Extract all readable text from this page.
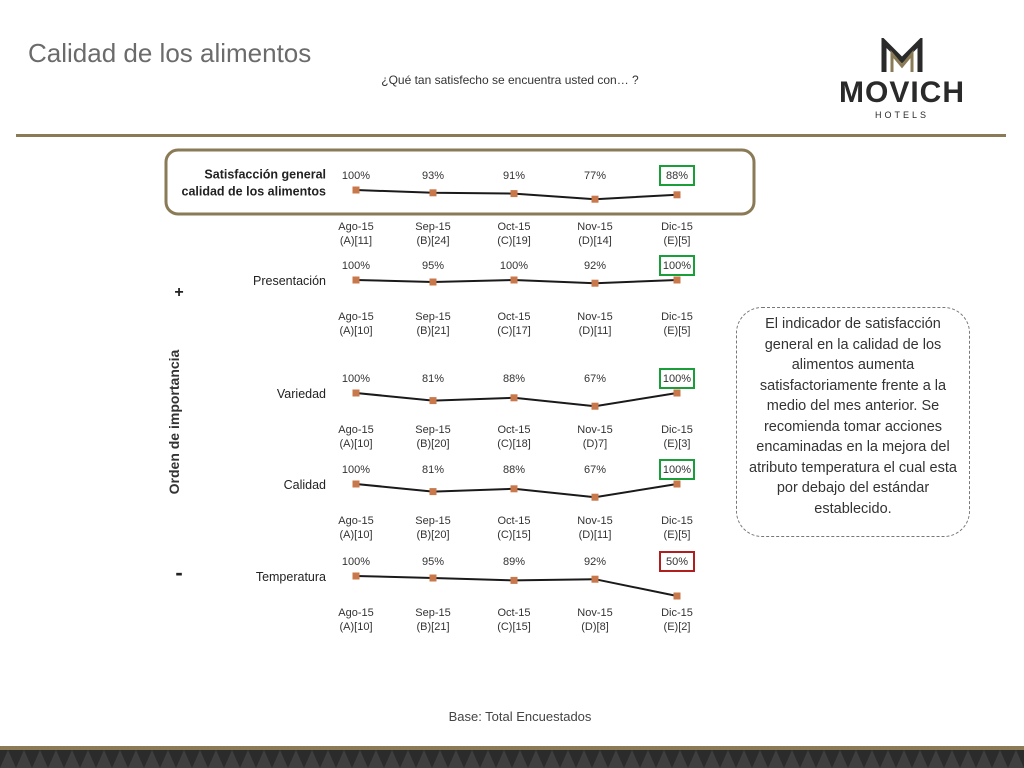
Calidad de los alimentos
¿Qué tan satisfecho se encuentra usted con… ?	MOVICH
HOTELS
Orden de importancia
+
-
Satisfacción general
calidad de los alimentos
100%
Ago-15
(A)[11]
93%
Sep-15
(B)[24]
91%
Oct-15
(C)[19]
77%
Nov-15
(D)[14]
88%
Dic-15
(E)[5]
Presentación
100%
Ago-15
(A)[10]
95%
Sep-15
(B)[21]
100%
Oct-15
(C)[17]
92%
Nov-15
(D)[11]
100%
Dic-15
(E)[5]
Variedad
100%
Ago-15
(A)[10]
81%
Sep-15
(B)[20]
88%
Oct-15
(C)[18]
67%
Nov-15
(D)7]
100%
Dic-15
(E)[3]
Calidad
100%
Ago-15
(A)[10]
81%
Sep-15
(B)[20]
88%
Oct-15
(C)[15]
67%
Nov-15
(D)[11]
100%
Dic-15
(E)[5]
Temperatura
100%
Ago-15
(A)[10]
95%
Sep-15
(B)[21]
89%
Oct-15
(C)[15]
92%
Nov-15
(D)[8]
50%
Dic-15
(E)[2]
El indicador de satisfacción general en la calidad de los alimentos aumenta satisfactoriamente frente a la medio del mes anterior. Se recomienda tomar acciones encaminadas en la mejora del atributo temperatura el cual esta por debajo del estándar establecido.
Base: Total Encuestados
